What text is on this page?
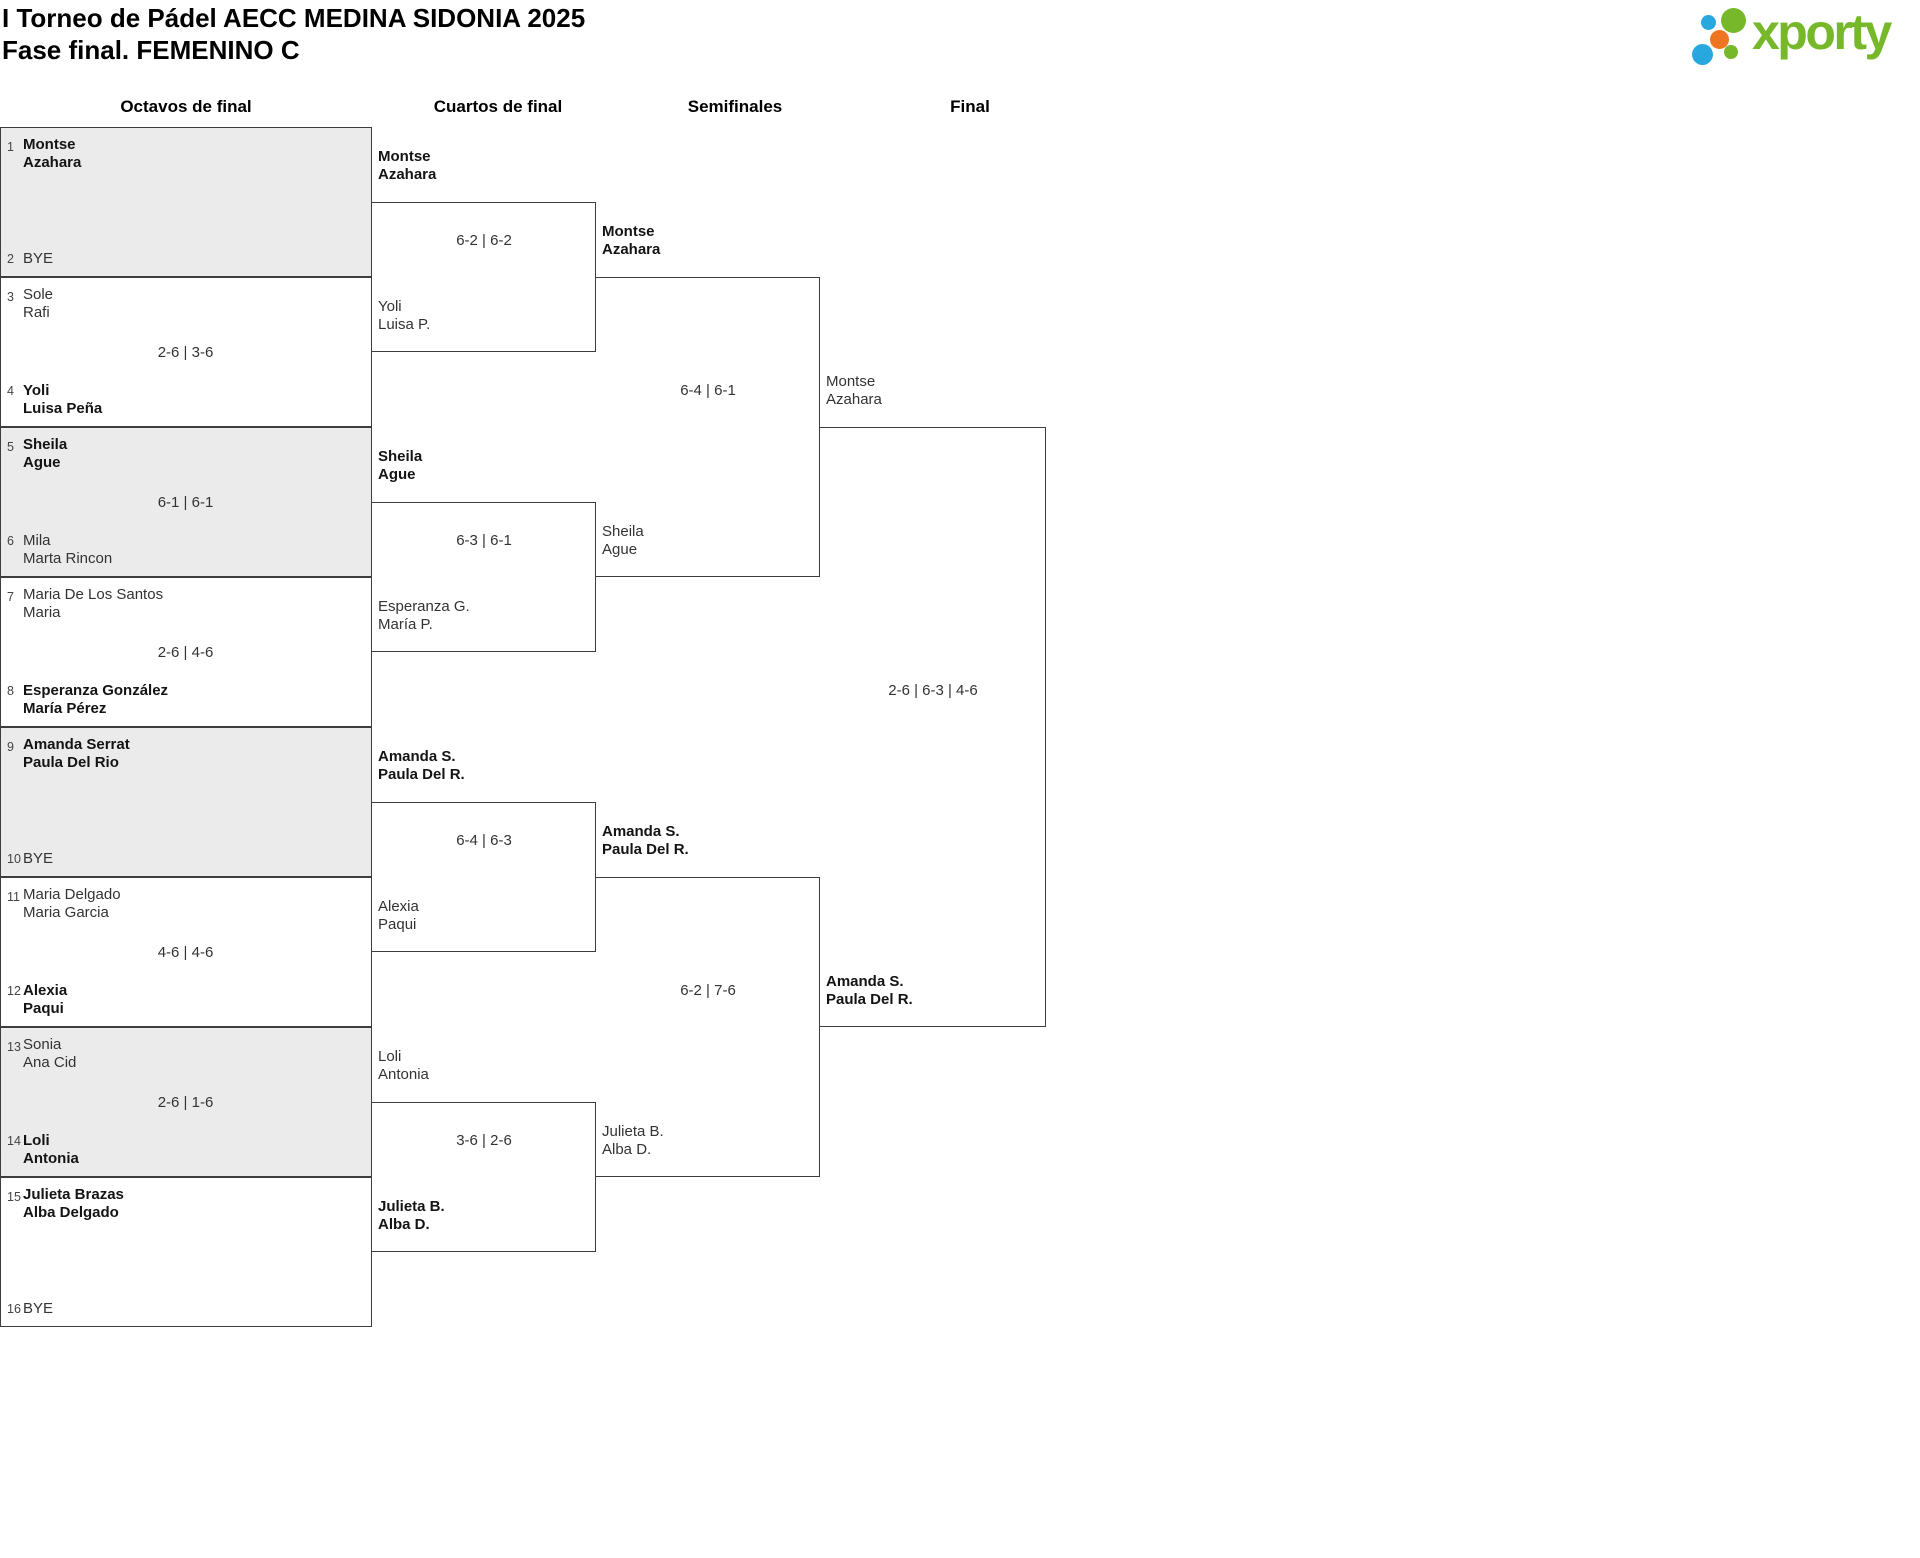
I Torneo de Pádel AECC MEDINA SIDONIA 2025
Fase final. FEMENINO C	xporty
Octavos de final	Cuartos de final	Semifinales	Final
1 Montse
Azahara
2 BYE
3 Sole
Rafi
4 Yoli
Luisa Peña
2-6 | 3-6
5 Sheila
Ague
6 Mila
Marta Rincon
6-1 | 6-1
7 Maria De Los Santos
Maria
8 Esperanza González
María Pérez
2-6 | 4-6
9 Amanda Serrat
Paula Del Rio
10 BYE
11 Maria Delgado
Maria Garcia
12 Alexia
Paqui
4-6 | 4-6
13 Sonia
Ana Cid
14 Loli
Antonia
2-6 | 1-6
15 Julieta Brazas
Alba Delgado
16 BYE
Montse
Azahara
Yoli
Luisa P.
6-2 | 6-2
Sheila
Ague
Esperanza G.
María P.
6-3 | 6-1
Amanda S.
Paula Del R.
Alexia
Paqui
6-4 | 6-3
Loli
Antonia
Julieta B.
Alba D.
3-6 | 2-6
Montse
Azahara
Sheila
Ague
6-4 | 6-1
Amanda S.
Paula Del R.
Julieta B.
Alba D.
6-2 | 7-6
Montse
Azahara
Amanda S.
Paula Del R.
2-6 | 6-3 | 4-6
